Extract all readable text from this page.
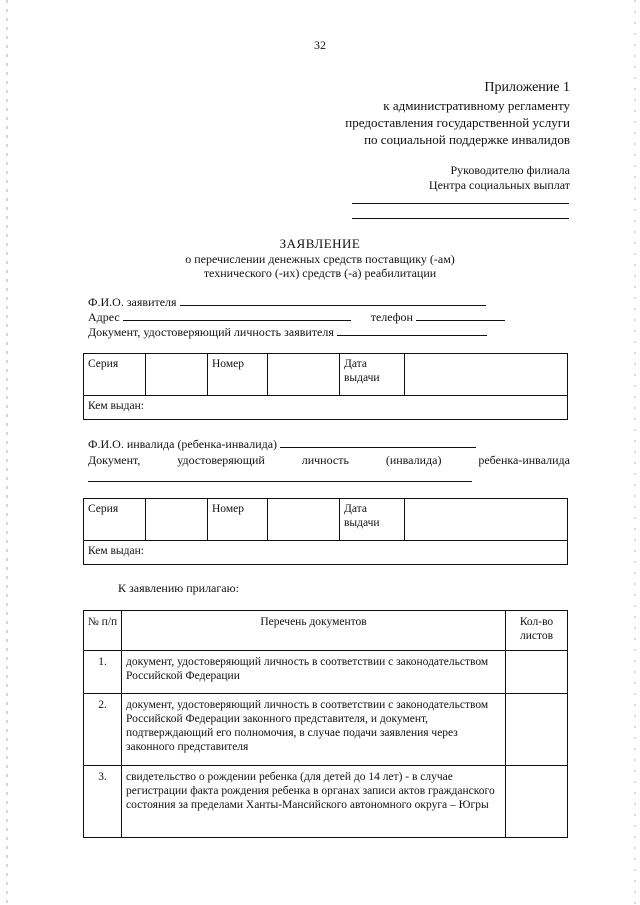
32
Приложение 1
к административному регламенту
предоставления государственной услуги
по социальной поддержке инвалидов
Руководителю филиала
Центра социальных выплат
ЗАЯВЛЕНИЕ
о перечислении денежных средств поставщику (-ам)
технического (-их) средств (-а) реабилитации
Ф.И.О. заявителя
Адрес	телефон
Документ, удостоверяющий личность заявителя
Серия		Номер		Дата
выдачи	
Кем выдан:
Ф.И.О. инвалида (ребенка-инвалида)
Документ,	удостоверяющий	личность	(инвалида)	ребенка-инвалида
Серия		Номер		Дата
выдачи	
Кем выдан:
К заявлению прилагаю:
№ п/п	Перечень документов	Кол-во листов
1.	документ, удостоверяющий личность в соответствии с законодательством Российской Федерации	
2.	документ, удостоверяющий личность в соответствии с законодательством Российской Федерации законного представителя, и документ, подтверждающий его полномочия, в случае подачи заявления через законного представителя	
3.	свидетельство о рождении ребенка (для детей до 14 лет) - в случае регистрации факта рождения ребенка в органах записи актов гражданского состояния за пределами Ханты-Мансийского автономного округа – Югры	
